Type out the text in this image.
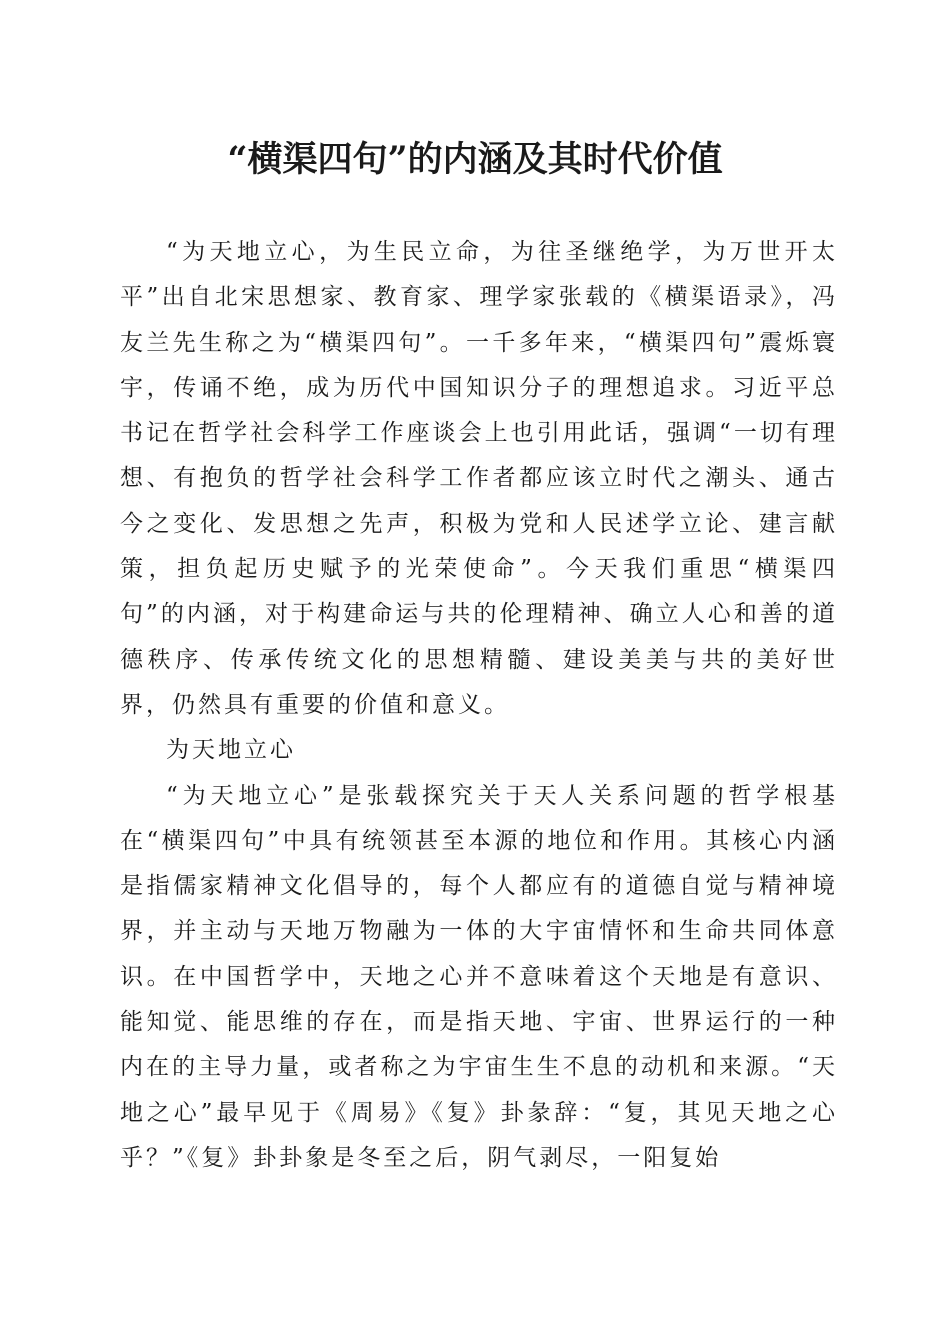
“横渠四句”的内涵及其时代价值

“为天地立心，为生民立命，为往圣继绝学，为万世开太平”出自北宋思想家、教育家、理学家张载的《横渠语录》，冯友兰先生称之为“横渠四句”。一千多年来，“横渠四句”震烁寰宇，传诵不绝，成为历代中国知识分子的理想追求。习近平总书记在哲学社会科学工作座谈会上也引用此话，强调“一切有理想、有抱负的哲学社会科学工作者都应该立时代之潮头、通古今之变化、发思想之先声，积极为党和人民述学立论、建言献策，担负起历史赋予的光荣使命”。今天我们重思“横渠四句”的内涵，对于构建命运与共的伦理精神、确立人心和善的道德秩序、传承传统文化的思想精髓、建设美美与共的美好世界，仍然具有重要的价值和意义。

为天地立心

“为天地立心”是张载探究关于天人关系问题的哲学根基在“横渠四句”中具有统领甚至本源的地位和作用。其核心内涵是指儒家精神文化倡导的，每个人都应有的道德自觉与精神境界，并主动与天地万物融为一体的大宇宙情怀和生命共同体意识。在中国哲学中，天地之心并不意味着这个天地是有意识、能知觉、能思维的存在，而是指天地、宇宙、世界运行的一种内在的主导力量，或者称之为宇宙生生不息的动机和来源。“天地之心”最早见于《周易》《复》卦彖辞：“复，其见天地之心乎？”《复》卦卦象是冬至之后，阴气剥尽，一阳复始
